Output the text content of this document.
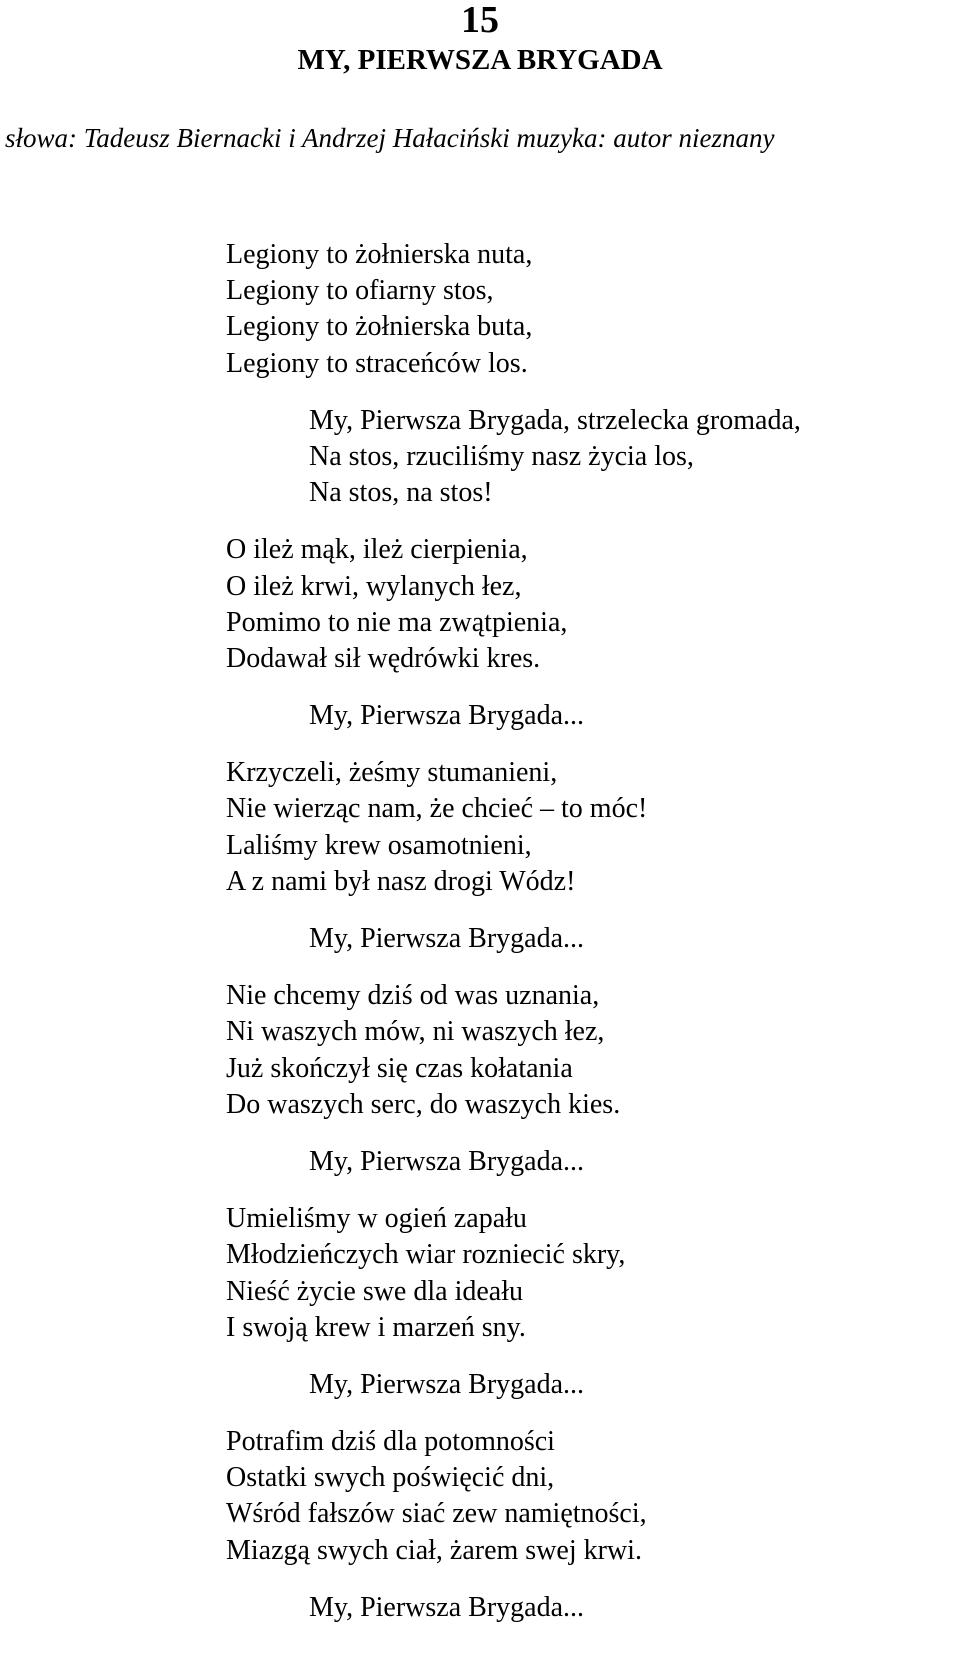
15
MY, PIERWSZA BRYGADA
słowa: Tadeusz Biernacki i Andrzej Hałaciński muzyka: autor nieznany
Legiony to żołnierska nuta,
Legiony to ofiarny stos,
Legiony to żołnierska buta,
Legiony to straceńców los.
My, Pierwsza Brygada, strzelecka gromada,
Na stos, rzuciliśmy nasz życia los,
Na stos, na stos!
O ileż mąk, ileż cierpienia,
O ileż krwi, wylanych łez,
Pomimo to nie ma zwątpienia,
Dodawał sił wędrówki kres.
My, Pierwsza Brygada...
Krzyczeli, żeśmy stumanieni,
Nie wierząc nam, że chcieć – to móc!
Laliśmy krew osamotnieni,
A z nami był nasz drogi Wódz!
My, Pierwsza Brygada...
Nie chcemy dziś od was uznania,
Ni waszych mów, ni waszych łez,
Już skończył się czas kołatania
Do waszych serc, do waszych kies.
My, Pierwsza Brygada...
Umieliśmy w ogień zapału
Młodzieńczych wiar rozniecić skry,
Nieść życie swe dla ideału
I swoją krew i marzeń sny.
My, Pierwsza Brygada...
Potrafim dziś dla potomności
Ostatki swych poświęcić dni,
Wśród fałszów siać zew namiętności,
Miazgą swych ciał, żarem swej krwi.
My, Pierwsza Brygada...
